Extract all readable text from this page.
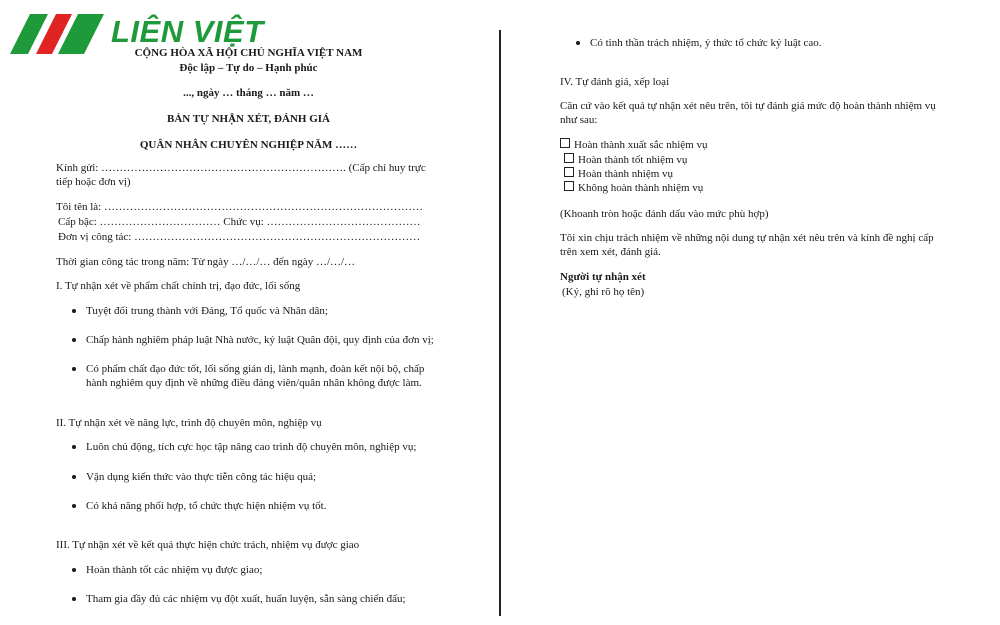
LIÊN VIỆT
CỘNG HÒA XÃ HỘI CHỦ NGHĨA VIỆT NAM
Độc lập – Tự do – Hạnh phúc
..., ngày … tháng … năm …
BẢN TỰ NHẬN XÉT, ĐÁNH GIÁ
QUÂN NHÂN CHUYÊN NGHIỆP NĂM ……
Kính gửi: …………………………………………………………. (Cấp chỉ huy trực tiếp hoặc đơn vị)
Tôi tên là: ……………………………………………………………………………
Cấp bậc: …………………………… Chức vụ: ……………………………………
Đơn vị công tác: ……………………………………………………………………
Thời gian công tác trong năm: Từ ngày …/…/… đến ngày …/…/…
I. Tự nhận xét về phẩm chất chính trị, đạo đức, lối sống
Tuyệt đối trung thành với Đảng, Tổ quốc và Nhân dân;
Chấp hành nghiêm pháp luật Nhà nước, kỷ luật Quân đội, quy định của đơn vị;
Có phẩm chất đạo đức tốt, lối sống giản dị, lành mạnh, đoàn kết nội bộ, chấp hành nghiêm quy định về những điều đảng viên/quân nhân không được làm.
II. Tự nhận xét về năng lực, trình độ chuyên môn, nghiệp vụ
Luôn chủ động, tích cực học tập nâng cao trình độ chuyên môn, nghiệp vụ;
Vận dụng kiến thức vào thực tiễn công tác hiệu quả;
Có khả năng phối hợp, tổ chức thực hiện nhiệm vụ tốt.
III. Tự nhận xét về kết quả thực hiện chức trách, nhiệm vụ được giao
Hoàn thành tốt các nhiệm vụ được giao;
Tham gia đầy đủ các nhiệm vụ đột xuất, huấn luyện, sẵn sàng chiến đấu;
Có tinh thần trách nhiệm, ý thức tổ chức kỷ luật cao.
IV. Tự đánh giá, xếp loại
Căn cứ vào kết quả tự nhận xét nêu trên, tôi tự đánh giá mức độ hoàn thành nhiệm vụ như sau:
Hoàn thành xuất sắc nhiệm vụ
Hoàn thành tốt nhiệm vụ
Hoàn thành nhiệm vụ
Không hoàn thành nhiệm vụ
(Khoanh tròn hoặc đánh dấu vào mức phù hợp)
Tôi xin chịu trách nhiệm về những nội dung tự nhận xét nêu trên và kính đề nghị cấp trên xem xét, đánh giá.
Người tự nhận xét
(Ký, ghi rõ họ tên)
